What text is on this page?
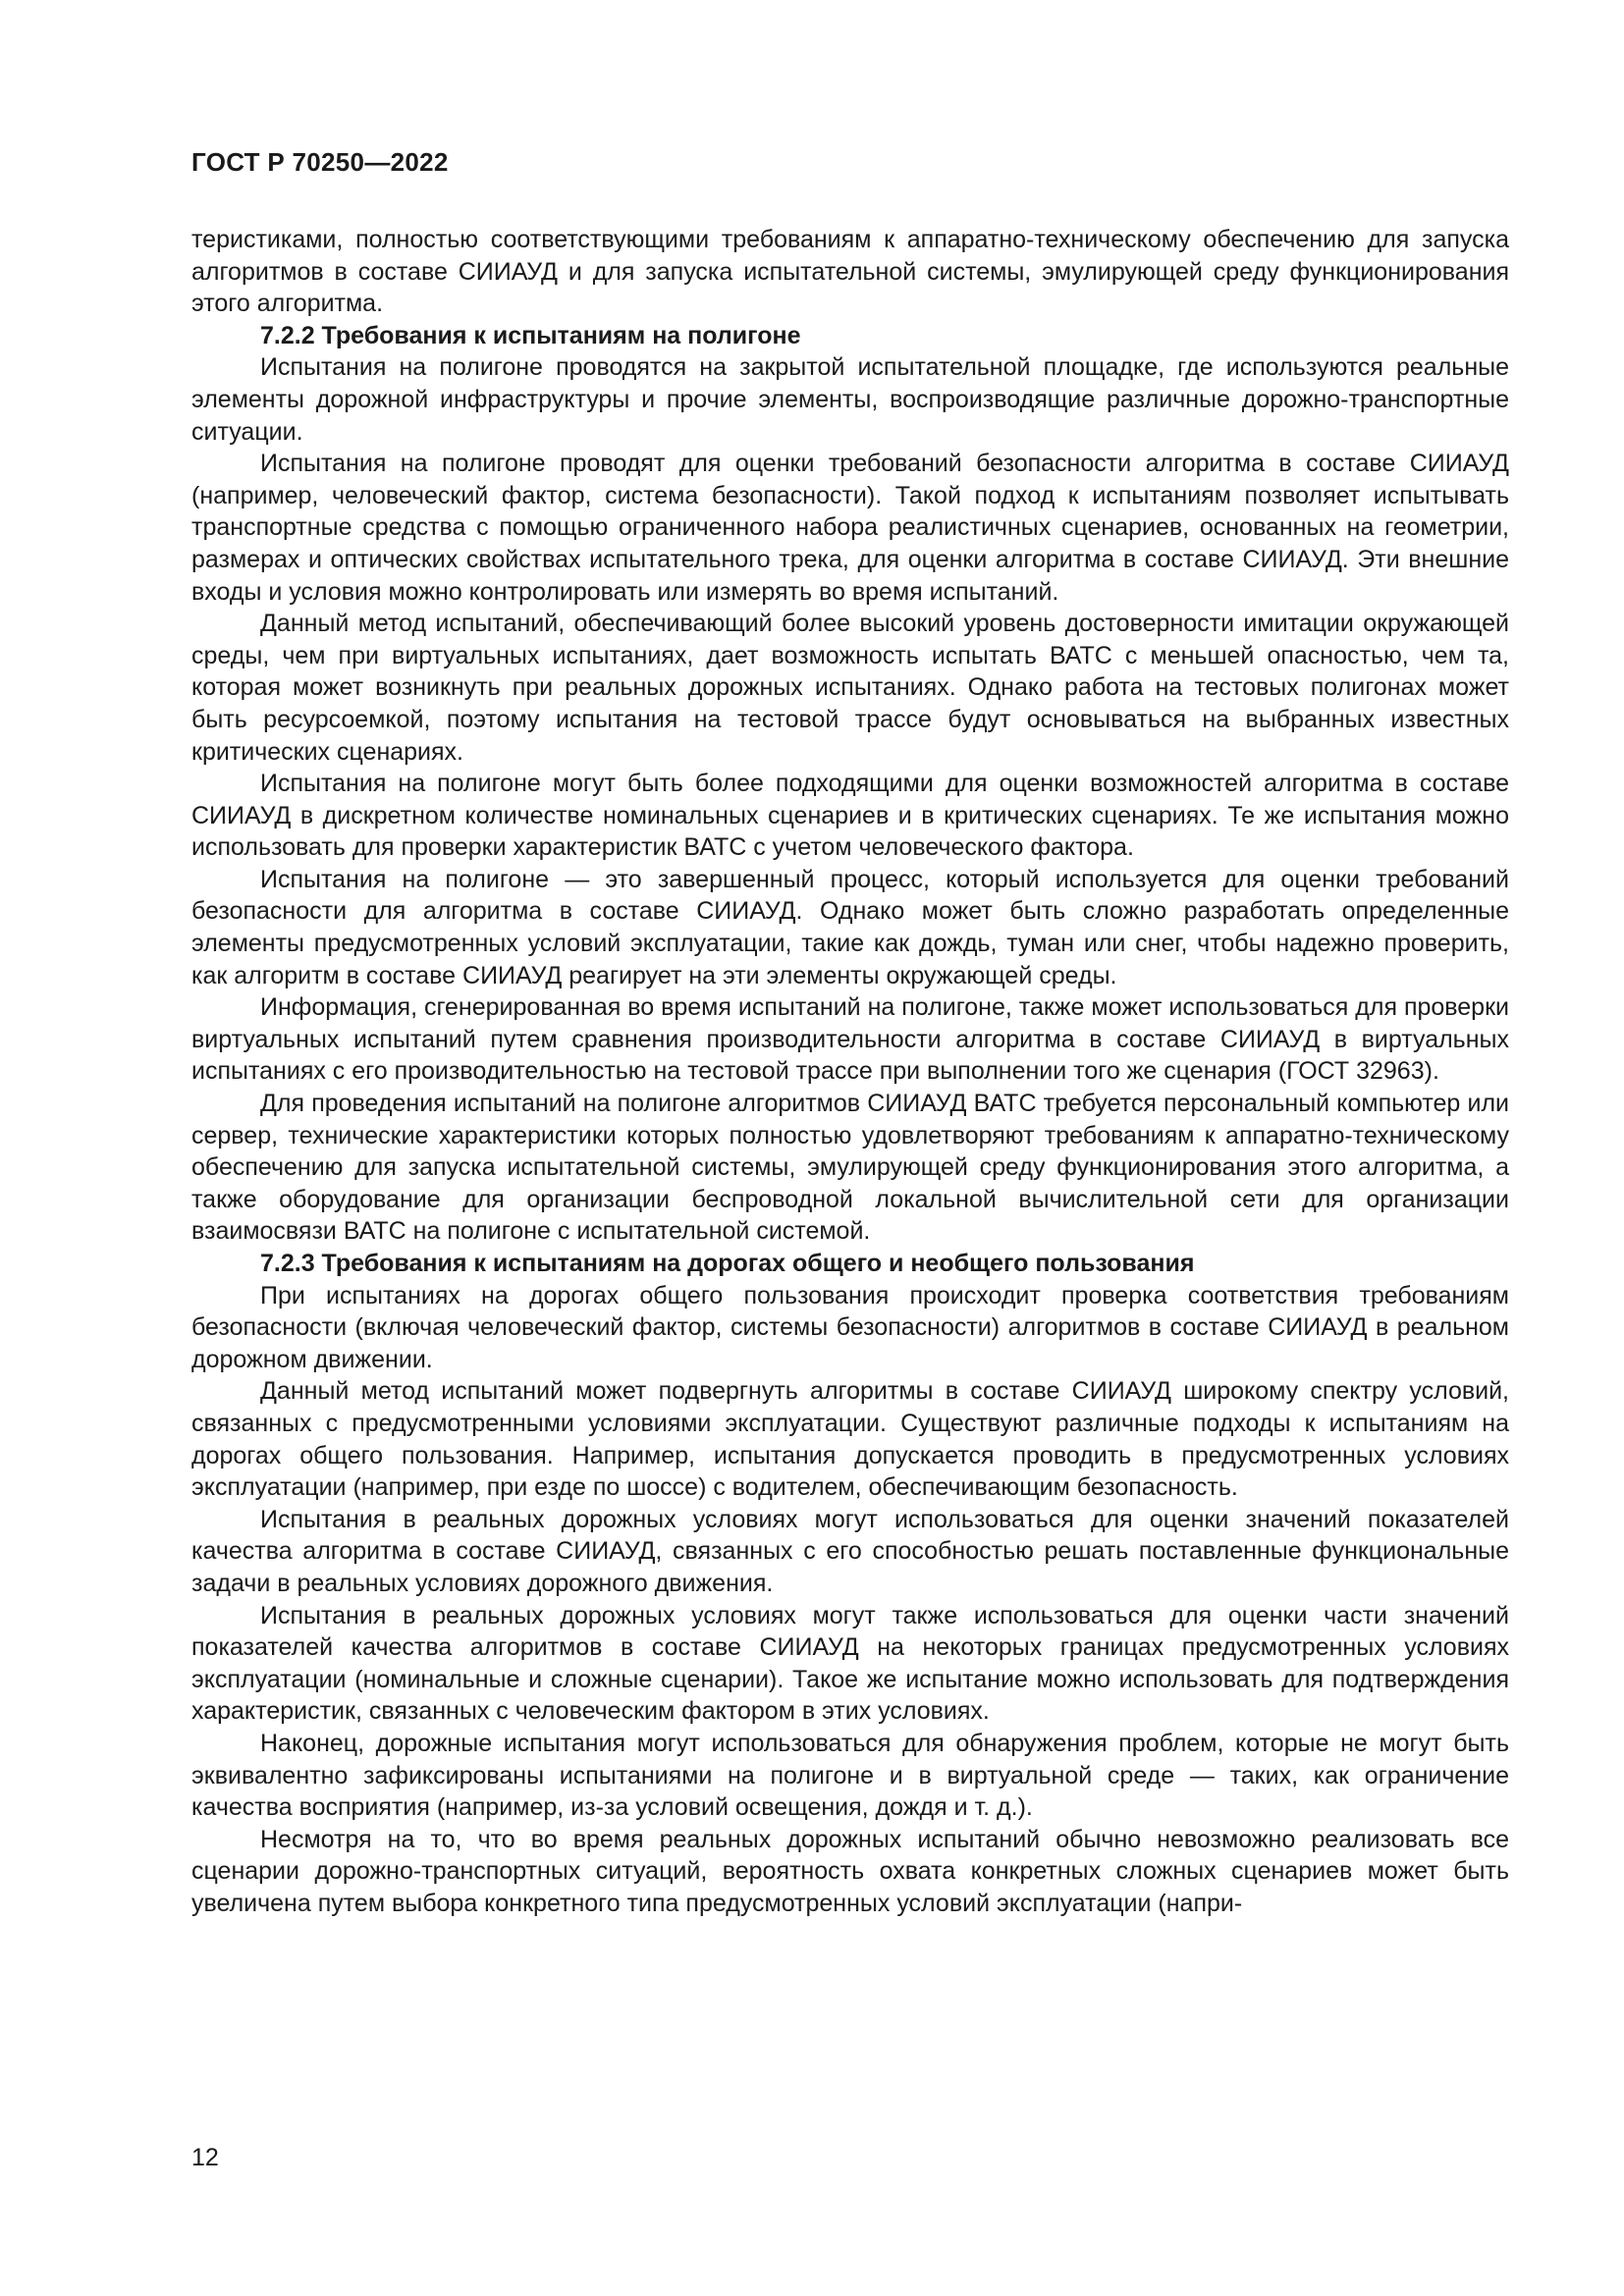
ГОСТ Р 70250—2022

теристиками, полностью соответствующими требованиям к аппаратно-техническому обеспечению для запуска алгоритмов в составе СИИАУД и для запуска испытательной системы, эмулирующей среду функционирования этого алгоритма.

7.2.2 Требования к испытаниям на полигоне

Испытания на полигоне проводятся на закрытой испытательной площадке, где используются реальные элементы дорожной инфраструктуры и прочие элементы, воспроизводящие различные дорожно-транспортные ситуации.

Испытания на полигоне проводят для оценки требований безопасности алгоритма в составе СИИАУД (например, человеческий фактор, система безопасности). Такой подход к испытаниям позволяет испытывать транспортные средства с помощью ограниченного набора реалистичных сценариев, основанных на геометрии, размерах и оптических свойствах испытательного трека, для оценки алгоритма в составе СИИАУД. Эти внешние входы и условия можно контролировать или измерять во время испытаний.

Данный метод испытаний, обеспечивающий более высокий уровень достоверности имитации окружающей среды, чем при виртуальных испытаниях, дает возможность испытать ВАТС с меньшей опасностью, чем та, которая может возникнуть при реальных дорожных испытаниях. Однако работа на тестовых полигонах может быть ресурсоемкой, поэтому испытания на тестовой трассе будут основываться на выбранных известных критических сценариях.

Испытания на полигоне могут быть более подходящими для оценки возможностей алгоритма в составе СИИАУД в дискретном количестве номинальных сценариев и в критических сценариях. Те же испытания можно использовать для проверки характеристик ВАТС с учетом человеческого фактора.

Испытания на полигоне — это завершенный процесс, который используется для оценки требований безопасности для алгоритма в составе СИИАУД. Однако может быть сложно разработать определенные элементы предусмотренных условий эксплуатации, такие как дождь, туман или снег, чтобы надежно проверить, как алгоритм в составе СИИАУД реагирует на эти элементы окружающей среды.

Информация, сгенерированная во время испытаний на полигоне, также может использоваться для проверки виртуальных испытаний путем сравнения производительности алгоритма в составе СИИАУД в виртуальных испытаниях с его производительностью на тестовой трассе при выполнении того же сценария (ГОСТ 32963).

Для проведения испытаний на полигоне алгоритмов СИИАУД ВАТС требуется персональный компьютер или сервер, технические характеристики которых полностью удовлетворяют требованиям к аппаратно-техническому обеспечению для запуска испытательной системы, эмулирующей среду функционирования этого алгоритма, а также оборудование для организации беспроводной локальной вычислительной сети для организации взаимосвязи ВАТС на полигоне с испытательной системой.

7.2.3 Требования к испытаниям на дорогах общего и необщего пользования

При испытаниях на дорогах общего пользования происходит проверка соответствия требованиям безопасности (включая человеческий фактор, системы безопасности) алгоритмов в составе СИИАУД в реальном дорожном движении.

Данный метод испытаний может подвергнуть алгоритмы в составе СИИАУД широкому спектру условий, связанных с предусмотренными условиями эксплуатации. Существуют различные подходы к испытаниям на дорогах общего пользования. Например, испытания допускается проводить в предусмотренных условиях эксплуатации (например, при езде по шоссе) с водителем, обеспечивающим безопасность.

Испытания в реальных дорожных условиях могут использоваться для оценки значений показателей качества алгоритма в составе СИИАУД, связанных с его способностью решать поставленные функциональные задачи в реальных условиях дорожного движения.

Испытания в реальных дорожных условиях могут также использоваться для оценки части значений показателей качества алгоритмов в составе СИИАУД на некоторых границах предусмотренных условиях эксплуатации (номинальные и сложные сценарии). Такое же испытание можно использовать для подтверждения характеристик, связанных с человеческим фактором в этих условиях.

Наконец, дорожные испытания могут использоваться для обнаружения проблем, которые не могут быть эквивалентно зафиксированы испытаниями на полигоне и в виртуальной среде — таких, как ограничение качества восприятия (например, из-за условий освещения, дождя и т. д.).

Несмотря на то, что во время реальных дорожных испытаний обычно невозможно реализовать все сценарии дорожно-транспортных ситуаций, вероятность охвата конкретных сложных сценариев может быть увеличена путем выбора конкретного типа предусмотренных условий эксплуатации (напри-

12
